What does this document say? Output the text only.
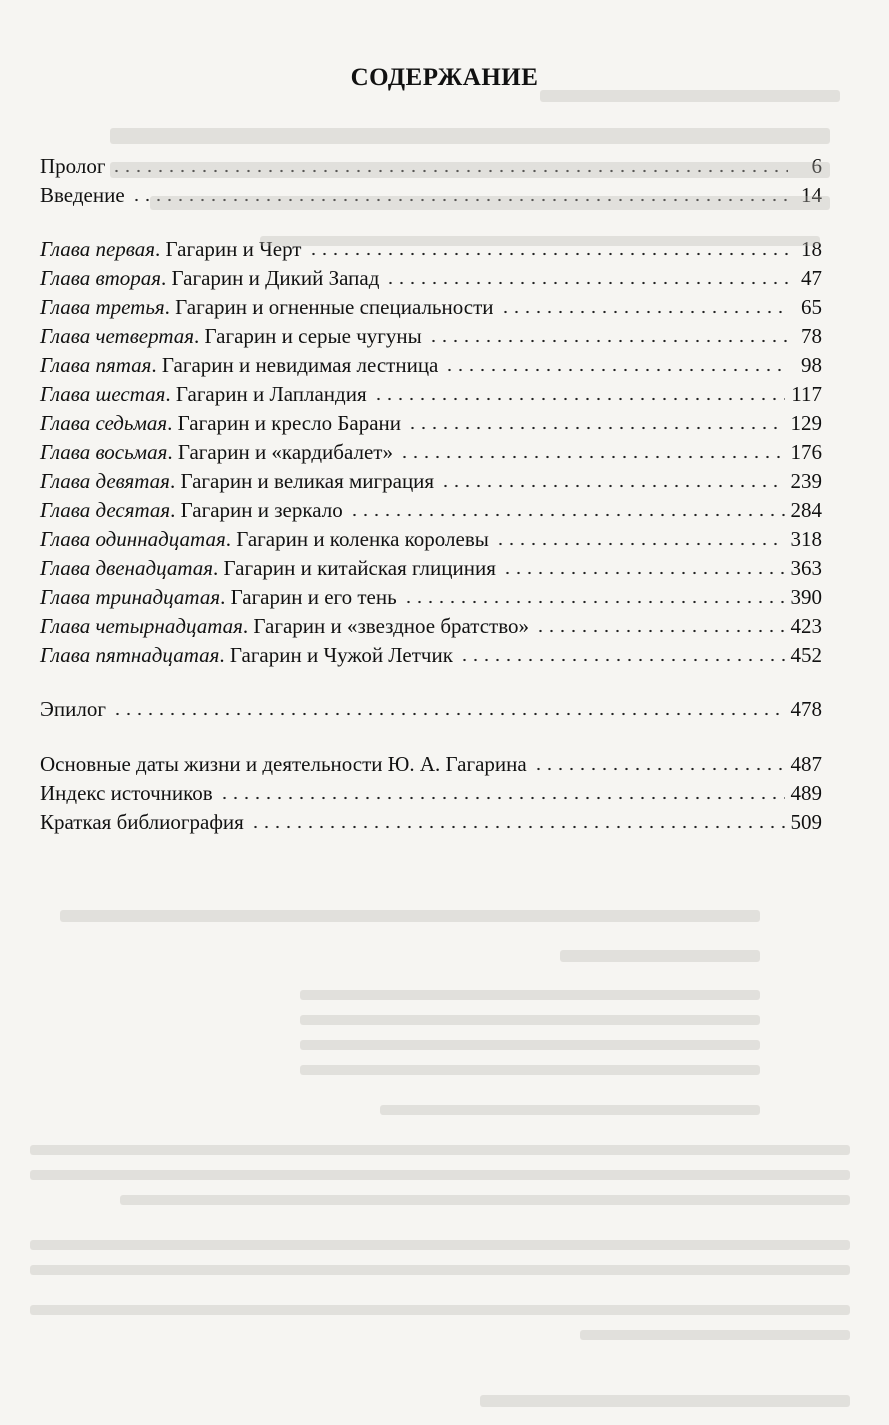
СОДЕРЖАНИЕ
Пролог	6
Введение	14
Глава первая. Гагарин и Черт	18
Глава вторая. Гагарин и Дикий Запад	47
Глава третья. Гагарин и огненные специальности	65
Глава четвертая. Гагарин и серые чугуны	78
Глава пятая. Гагарин и невидимая лестница	98
Глава шестая. Гагарин и Лапландия	117
Глава седьмая. Гагарин и кресло Барани	129
Глава восьмая. Гагарин и «кардибалет»	176
Глава девятая. Гагарин и великая миграция	239
Глава десятая. Гагарин и зеркало	284
Глава одиннадцатая. Гагарин и коленка королевы	318
Глава двенадцатая. Гагарин и китайская глициния	363
Глава тринадцатая. Гагарин и его тень	390
Глава четырнадцатая. Гагарин и «звездное братство»	423
Глава пятнадцатая. Гагарин и Чужой Летчик	452
Эпилог	478
Основные даты жизни и деятельности Ю. А. Гагарина	487
Индекс источников	489
Краткая библиография	509
